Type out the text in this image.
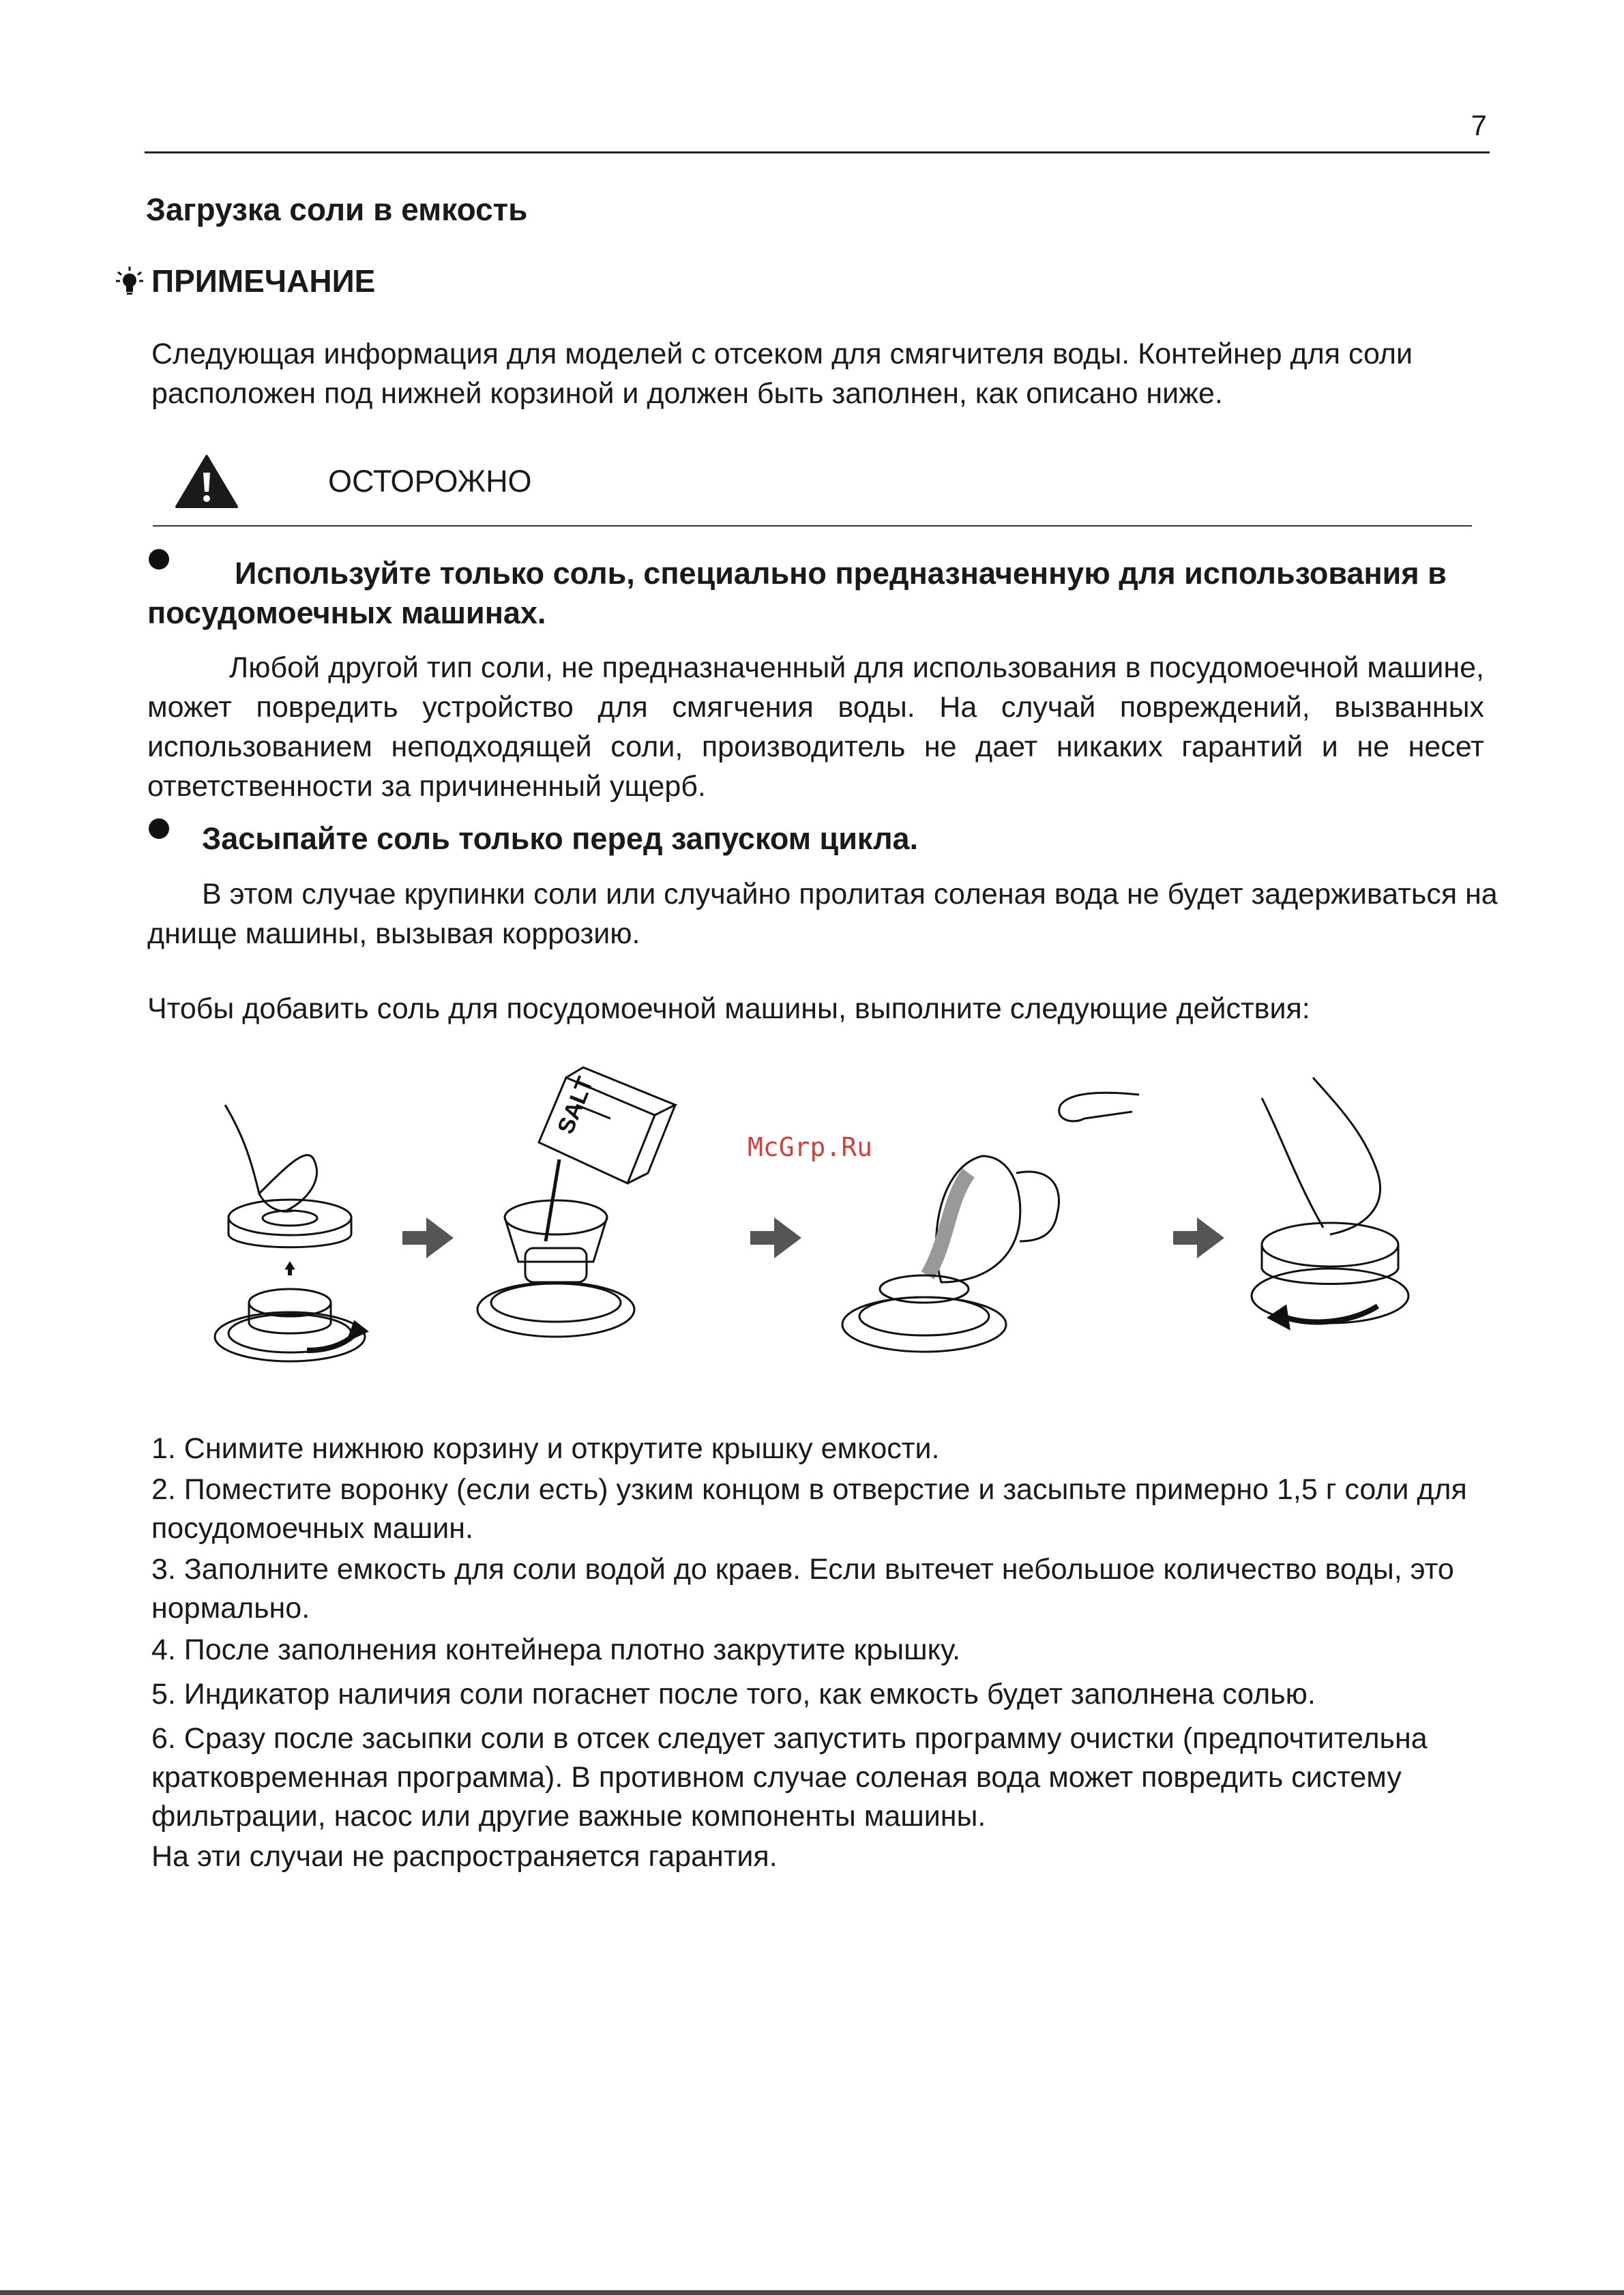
7
Загрузка соли в емкость
ПРИМЕЧАНИЕ
Следующая информация для моделей с отсеком для смягчителя воды. Контейнер для соли расположен под нижней корзиной и должен быть заполнен, как описано ниже.
ОСТОРОЖНО
Используйте только соль, специально предназначенную для использования в посудомоечных машинах.
Любой другой тип соли, не предназначенный для использования в посудомоечной машине, может повредить устройство для смягчения воды. На случай повреждений, вызванных использованием неподходящей соли, производитель не дает никаких гарантий и не несет ответственности за причиненный ущерб.
Засыпайте соль только перед запуском цикла.
В этом случае крупинки соли или случайно пролитая соленая вода не будет задерживаться на днище машины, вызывая коррозию.
Чтобы добавить соль для посудомоечной машины, выполните следующие действия:
SALT
McGrp.Ru
1. Снимите нижнюю корзину и открутите крышку емкости.
2. Поместите воронку (если есть) узким концом в отверстие и засыпьте примерно 1,5 г соли для посудомоечных машин.
3. Заполните емкость для соли водой до краев. Если вытечет небольшое количество воды, это нормально.
4. После заполнения контейнера плотно закрутите крышку.
5. Индикатор наличия соли погаснет после того, как емкость будет заполнена солью.
6. Сразу после засыпки соли в отсек следует запустить программу очистки (предпочтительна кратковременная программа). В противном случае соленая вода может повредить систему фильтрации, насос или другие важные компоненты машины.
На эти случаи не распространяется гарантия.
